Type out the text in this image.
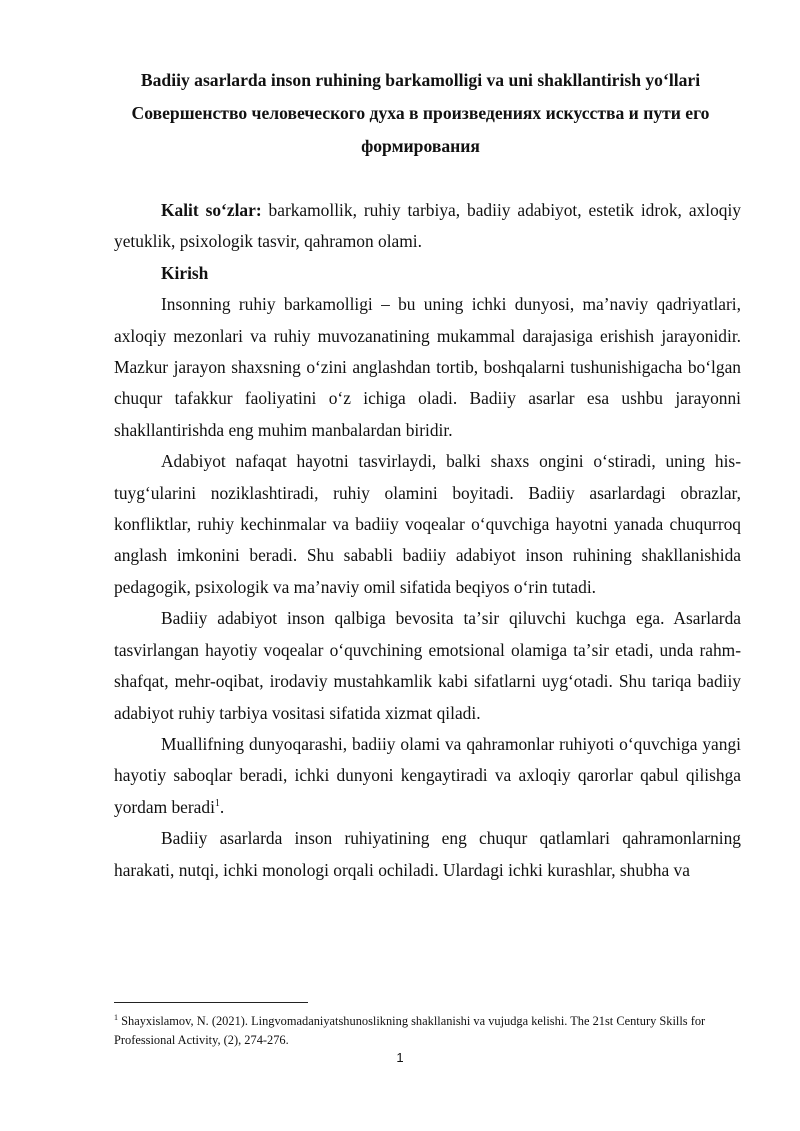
Badiiy asarlarda inson ruhining barkamolligi va uni shakllantirish yoʻllari

Совершенство человеческого духа в произведениях искусства и пути его формирования

Kalit soʻzlar: barkamollik, ruhiy tarbiya, badiiy adabiyot, estetik idrok, axloqiy yetuklik, psixologik tasvir, qahramon olami.

Kirish

Insonning ruhiy barkamolligi – bu uning ichki dunyosi, maʼnaviy qadriyatlari, axloqiy mezonlari va ruhiy muvozanatining mukammal darajasiga erishish jarayonidir. Mazkur jarayon shaxsning oʻzini anglashdan tortib, boshqalarni tushunishigacha boʻlgan chuqur tafakkur faoliyatini oʻz ichiga oladi. Badiiy asarlar esa ushbu jarayonni shakllantirishda eng muhim manbalardan biridir.

Adabiyot nafaqat hayotni tasvirlaydi, balki shaxs ongini oʻstiradi, uning his-tuygʻularini noziklashtiradi, ruhiy olamini boyitadi. Badiiy asarlardagi obrazlar, konfliktlar, ruhiy kechinmalar va badiiy voqealar oʻquvchiga hayotni yanada chuqurroq anglash imkonini beradi. Shu sababli badiiy adabiyot inson ruhining shakllanishida pedagogik, psixologik va maʼnaviy omil sifatida beqiyos oʻrin tutadi.

Badiiy adabiyot inson qalbiga bevosita taʼsir qiluvchi kuchga ega. Asarlarda tasvirlangan hayotiy voqealar oʻquvchining emotsional olamiga taʼsir etadi, unda rahm-shafqat, mehr-oqibat, irodaviy mustahkamlik kabi sifatlarni uygʻotadi. Shu tariqa badiiy adabiyot ruhiy tarbiya vositasi sifatida xizmat qiladi.

Muallifning dunyoqarashi, badiiy olami va qahramonlar ruhiyoti oʻquvchiga yangi hayotiy saboqlar beradi, ichki dunyoni kengaytiradi va axloqiy qarorlar qabul qilishga yordam beradi$^1$.

Badiiy asarlarda inson ruhiyatining eng chuqur qatlamlari qahramonlarning harakati, nutqi, ichki monologi orqali ochiladi. Ulardagi ichki kurashlar, shubha va

$^1$ Shayxislamov, N. (2021). Lingvomadaniyatshunoslikning shakllanishi va vujudga kelishi. The 21st Century Skills for Professional Activity, (2), 274-276.

1
